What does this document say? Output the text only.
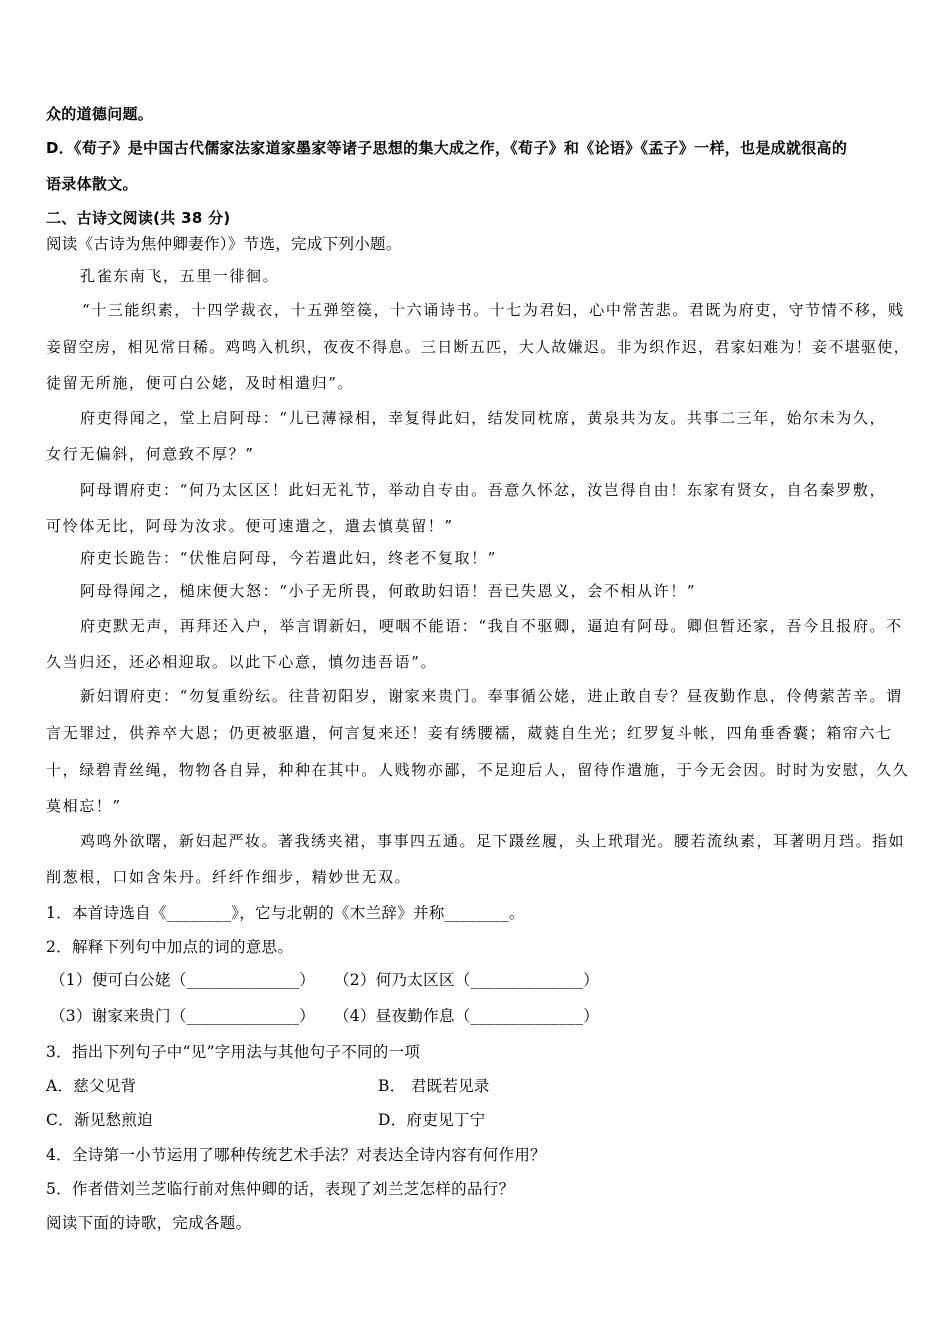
众的道德问题。
D．《荀子》是中国古代儒家法家道家墨家等诸子思想的集大成之作，《荀子》和《论语》《孟子》一样，也是成就很高的
语录体散文。
二、古诗文阅读(共 38 分)
阅读《古诗为焦仲卿妻作）》节选，完成下列小题。
孔雀东南飞，五里一徘徊。
“十三能织素，十四学裁衣，十五弹箜篌，十六诵诗书。十七为君妇，心中常苦悲。君既为府吏，守节情不移，贱
妾留空房，相见常日稀。鸡鸣入机织，夜夜不得息。三日断五匹，大人故嫌迟。非为织作迟，君家妇难为！妾不堪驱使，
徒留无所施，便可白公姥，及时相遣归”。
府吏得闻之，堂上启阿母：“儿已薄禄相，幸复得此妇，结发同枕席，黄泉共为友。共事二三年，始尔未为久，
女行无偏斜，何意致不厚？”
阿母谓府吏：“何乃太区区！此妇无礼节，举动自专由。吾意久怀忿，汝岂得自由！东家有贤女，自名秦罗敷，
可怜体无比，阿母为汝求。便可速遣之，遣去慎莫留！”
府吏长跪告：“伏惟启阿母，今若遣此妇，终老不复取！”
阿母得闻之，槌床便大怒：“小子无所畏，何敢助妇语！吾已失恩义，会不相从许！”
府吏默无声，再拜还入户，举言谓新妇，哽咽不能语：“我自不驱卿，逼迫有阿母。卿但暂还家，吾今且报府。不
久当归还，还必相迎取。以此下心意，慎勿违吾语”。
新妇谓府吏：“勿复重纷纭。往昔初阳岁，谢家来贵门。奉事循公姥，进止敢自专？昼夜勤作息，伶俜萦苦辛。谓
言无罪过，供养卒大恩；仍更被驱遣，何言复来还！妾有绣腰襦，葳蕤自生光；红罗复斗帐，四角垂香囊；箱帘六七
十，绿碧青丝绳，物物各自异，种种在其中。人贱物亦鄙，不足迎后人，留待作遣施，于今无会因。时时为安慰，久久
莫相忘！”
鸡鸣外欲曙，新妇起严妆。著我绣夹裙，事事四五通。足下蹑丝履，头上玳瑁光。腰若流纨素，耳著明月珰。指如
削葱根，口如含朱丹。纤纤作细步，精妙世无双。
1．本首诗选自《________》，它与北朝的《木兰辞》并称________。
2．解释下列句中加点的词的意思。
（1）便可白公姥（______________） （2）何乃太区区（______________）
（3）谢家来贵门（______________） （4）昼夜勤作息（______________）
3．指出下列句子中“见”字用法与其他句子不同的一项
A．慈父见背	B． 君既若见录
C．渐见愁煎迫	D．府吏见丁宁
4．全诗第一小节运用了哪种传统艺术手法？对表达全诗内容有何作用？
5．作者借刘兰芝临行前对焦仲卿的话，表现了刘兰芝怎样的品行？
阅读下面的诗歌，完成各题。
